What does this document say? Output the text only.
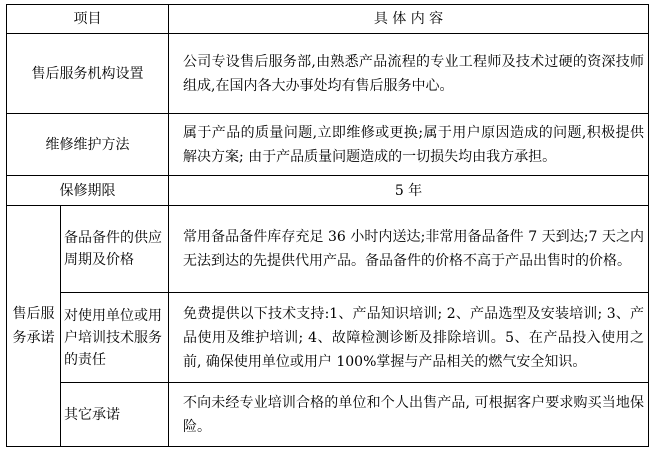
项目		具 体 内 容
售后服务机构设置		公司专设售后服务部,由熟悉产品流程的专业工程师及技术过硬的资深技师组成,在国内各大办事处均有售后服务中心。
维修维护方法		属于产品的质量问题,立即维修或更换;属于用户原因造成的问题,积极提供解决方案; 由于产品质量问题造成的一切损失均由我方承担。
保修期限		5 年
售后服务承诺	备品备件的供应周期及价格	常用备品备件库存充足 36 小时内送达;非常用备品备件 7 天到达;7 天之内无法到达的先提供代用产品。备品备件的价格不高于产品出售时的价格。
	对使用单位或用户培训技术服务的责任	免费提供以下技术支持:1、产品知识培训; 2、产品选型及安装培训; 3、产品使用及维护培训; 4、故障检测诊断及排除培训。5、在产品投入使用之前, 确保使用单位或用户 100%掌握与产品相关的燃气安全知识。
	其它承诺	不向未经专业培训合格的单位和个人出售产品, 可根据客户要求购买当地保险。
